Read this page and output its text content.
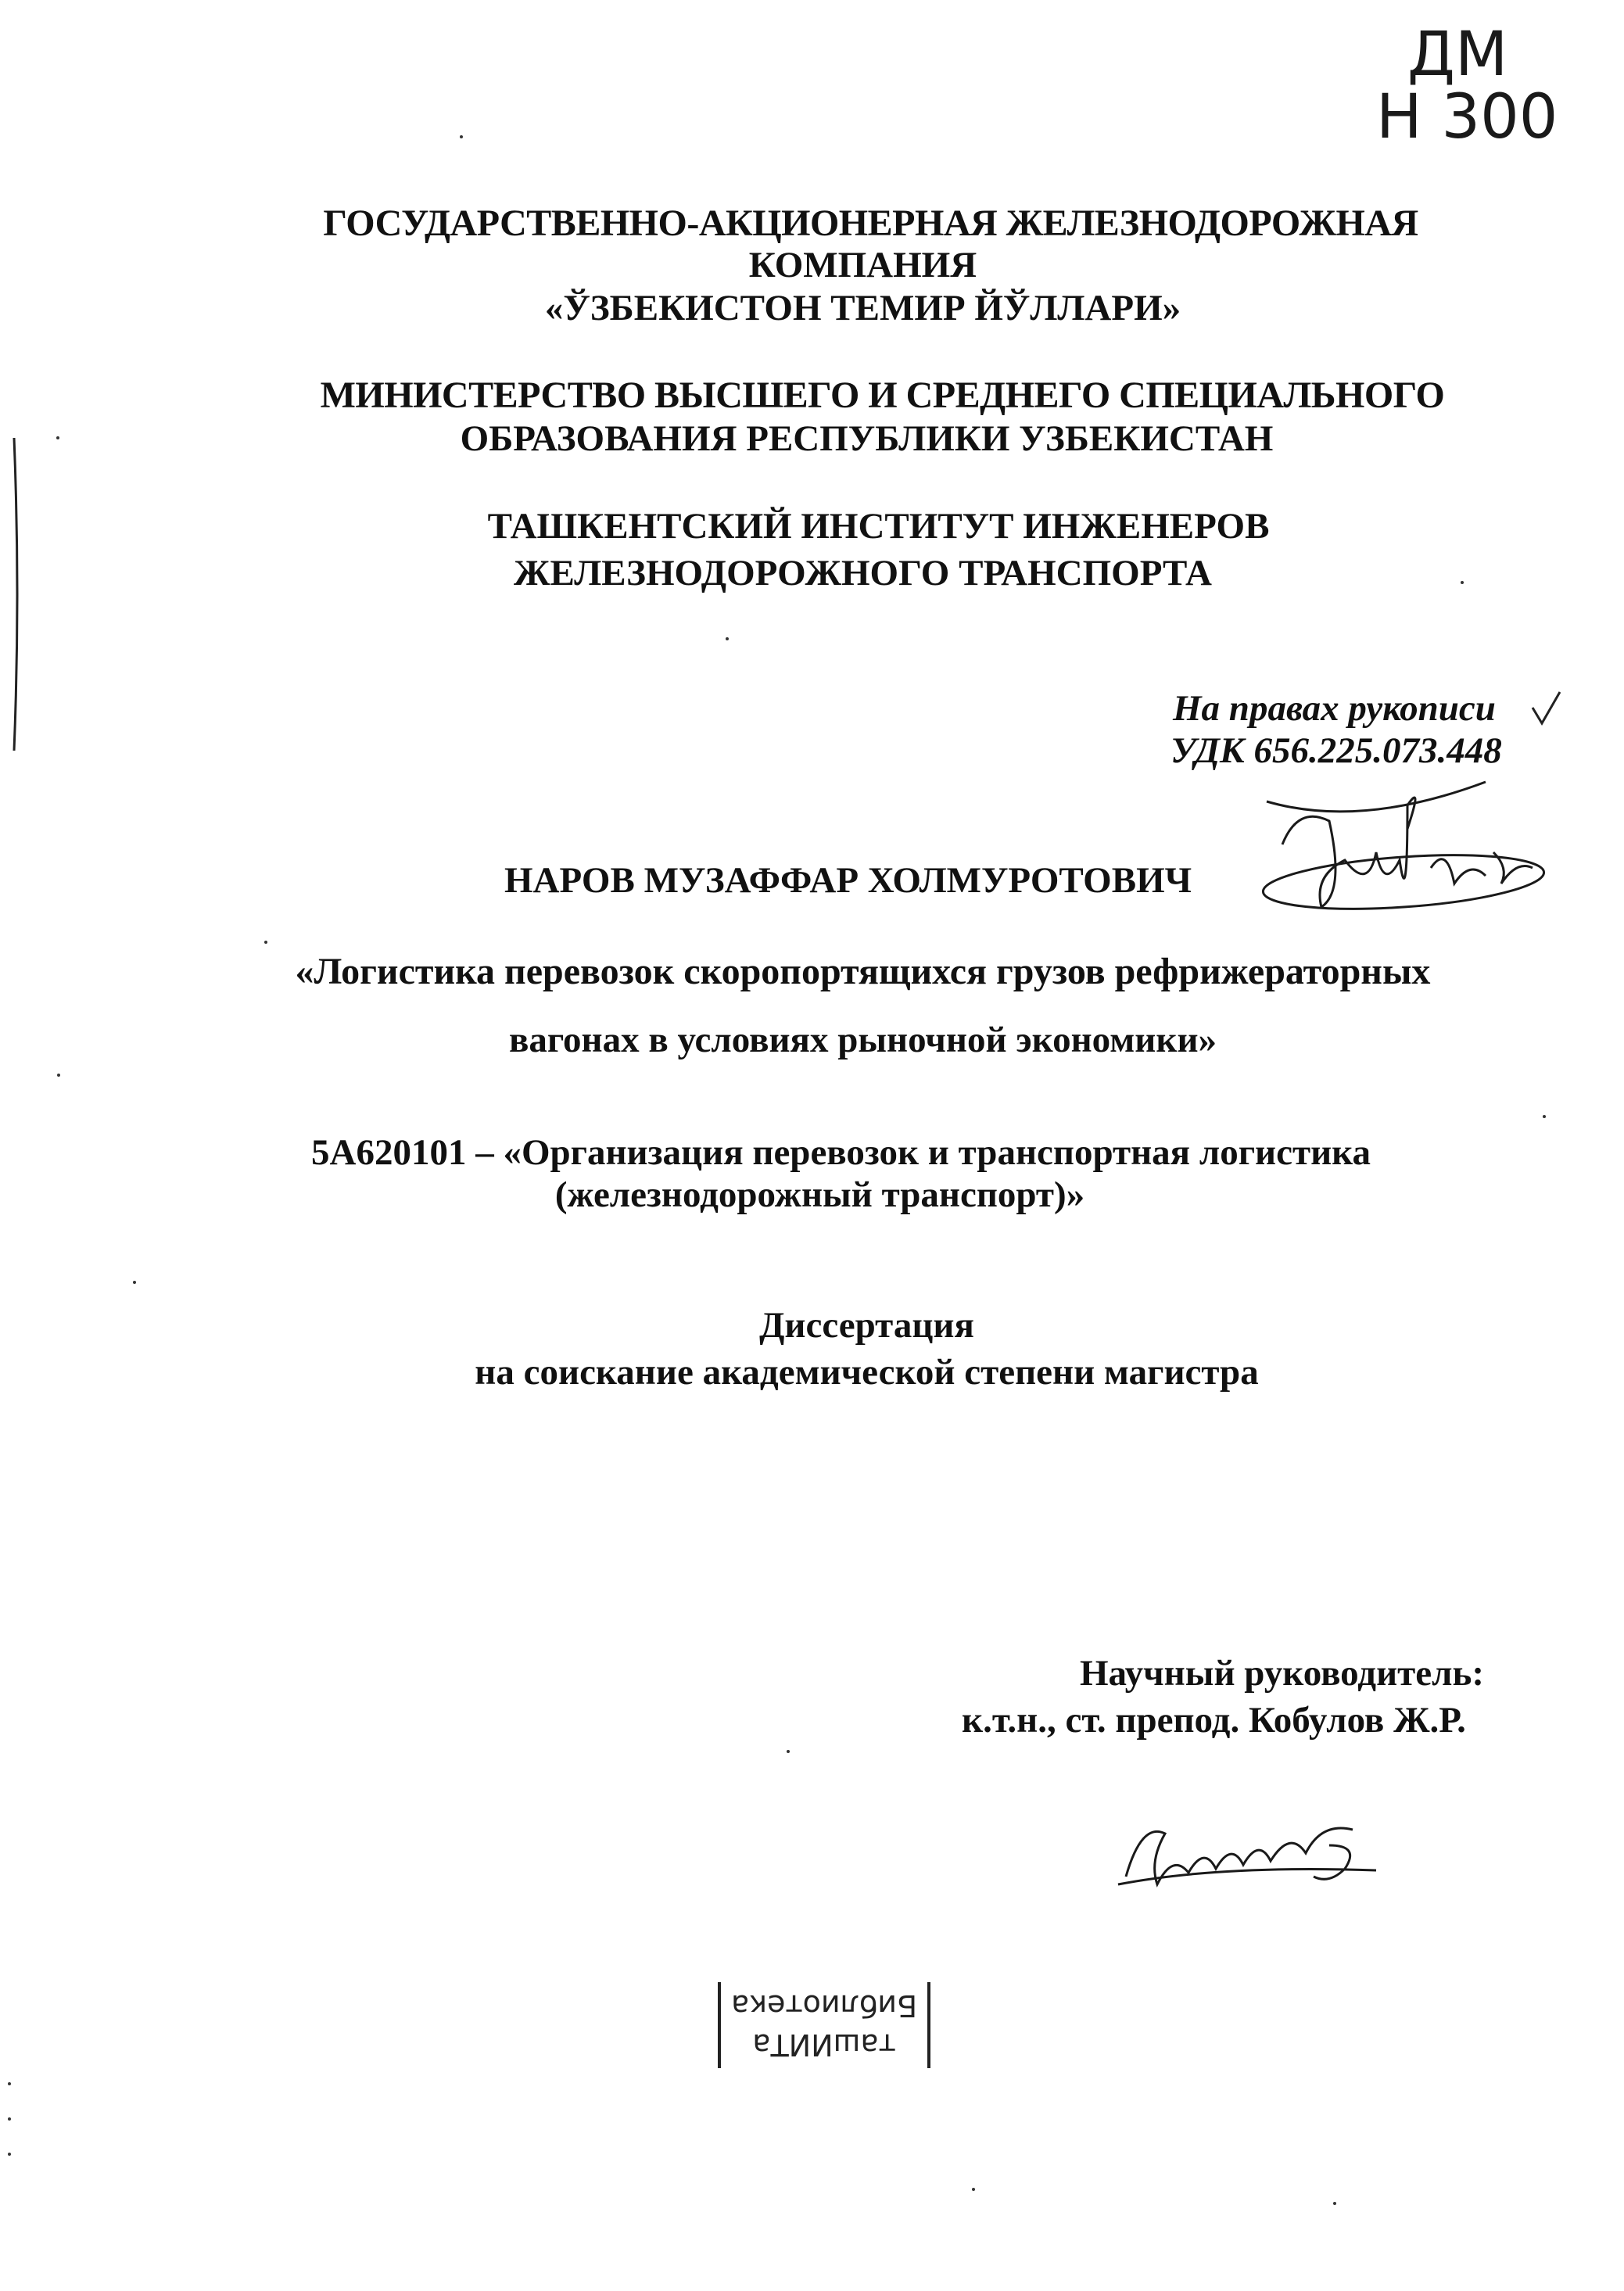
ДМ
Н 300
ГОСУДАРСТВЕННО-АКЦИОНЕРНАЯ ЖЕЛЕЗНОДОРОЖНАЯ
КОМПАНИЯ
«ЎЗБЕКИСТОН ТЕМИР ЙЎЛЛАРИ»
МИНИСТЕРСТВО ВЫСШЕГО И СРЕДНЕГО СПЕЦИАЛЬНОГО
ОБРАЗОВАНИЯ РЕСПУБЛИКИ УЗБЕКИСТАН
ТАШКЕНТСКИЙ ИНСТИТУТ ИНЖЕНЕРОВ
ЖЕЛЕЗНОДОРОЖНОГО ТРАНСПОРТА
На правах рукописи
УДК 656.225.073.448
НАРОВ МУЗАФФАР ХОЛМУРОТОВИЧ
«Логистика перевозок скоропортящихся грузов рефрижераторных
вагонах в условиях рыночной экономики»
5А620101 – «Организация перевозок и транспортная логистика
(железнодорожный транспорт)»
Диссертация
на соискание академической степени магистра
Научный руководитель:
к.т.н., ст. препод. Кобулов Ж.Р.
тaшИИТа
Библиотека
